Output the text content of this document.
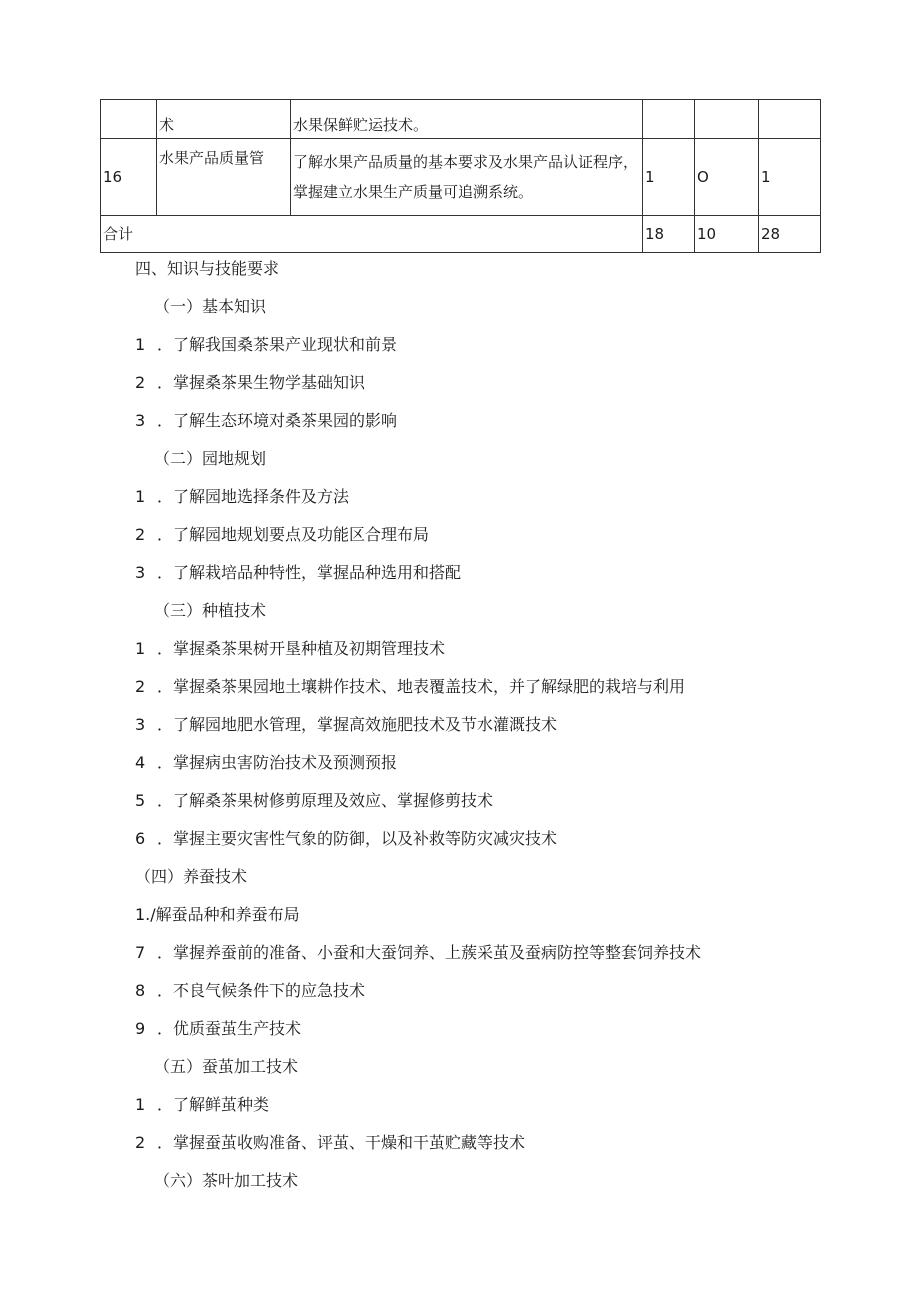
	术	水果保鲜贮运技术。			
16	水果产品质量管	了解水果产品质量的基本要求及水果产品认证程序，掌握建立水果生产质量可追溯系统。	1	O	1
合计			18	10	28
四、知识与技能要求
（一）基本知识
1 ．了解我国桑茶果产业现状和前景
2 ．掌握桑茶果生物学基础知识
3 ．了解生态环境对桑茶果园的影响
（二）园地规划
1 ．了解园地选择条件及方法
2 ．了解园地规划要点及功能区合理布局
3 ．了解栽培品种特性，掌握品种选用和搭配
（三）种植技术
1 ．掌握桑茶果树开垦种植及初期管理技术
2 ．掌握桑茶果园地土壤耕作技术、地表覆盖技术，并了解绿肥的栽培与利用
3 ．了解园地肥水管理，掌握高效施肥技术及节水灌溉技术
4 ．掌握病虫害防治技术及预测预报
5 ．了解桑茶果树修剪原理及效应、掌握修剪技术
6 ．掌握主要灾害性气象的防御，以及补救等防灾减灾技术
（四）养蚕技术
1./解蚕品种和养蚕布局
7 ．掌握养蚕前的准备、小蚕和大蚕饲养、上蔟采茧及蚕病防控等整套饲养技术
8 ．不良气候条件下的应急技术
9 ．优质蚕茧生产技术
（五）蚕茧加工技术
1 ．了解鲜茧种类
2 ．掌握蚕茧收购准备、评茧、干燥和干茧贮藏等技术
（六）茶叶加工技术
